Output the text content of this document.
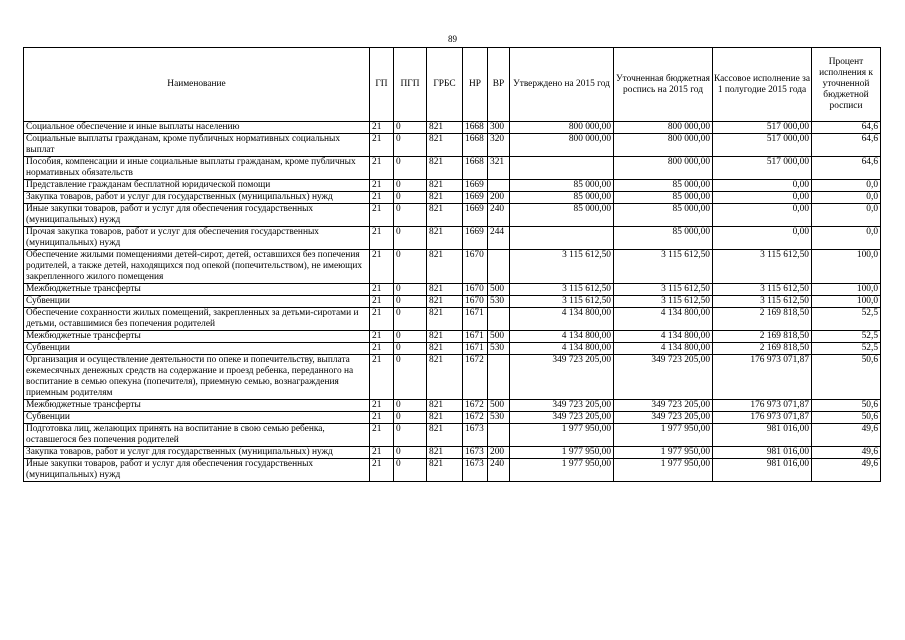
89
Наименование	ГП	ПГП	ГРБС	НР	ВР	Утверждено на 2015 год	Уточненная бюджетная роспись на 2015 год	Кассовое исполнение за 1 полугодие 2015 года	Процент исполнения к уточненной бюджетной росписи
Социальное обеспечение и иные выплаты населению	21	0	821	1668	300	800 000,00	800 000,00	517 000,00	64,6
Социальные выплаты гражданам, кроме публичных нормативных социальных выплат	21	0	821	1668	320	800 000,00	800 000,00	517 000,00	64,6
Пособия, компенсации и иные социальные выплаты гражданам, кроме публичных нормативных обязательств	21	0	821	1668	321		800 000,00	517 000,00	64,6
Представление гражданам бесплатной юридической помощи	21	0	821	1669		85 000,00	85 000,00	0,00	0,0
Закупка товаров, работ и услуг для государственных (муниципальных) нужд	21	0	821	1669	200	85 000,00	85 000,00	0,00	0,0
Иные закупки товаров, работ и услуг для обеспечения государственных (муниципальных) нужд	21	0	821	1669	240	85 000,00	85 000,00	0,00	0,0
Прочая закупка товаров, работ и услуг для обеспечения государственных (муниципальных) нужд	21	0	821	1669	244		85 000,00	0,00	0,0
Обеспечение жилыми помещениями детей-сирот, детей, оставшихся без попечения родителей, а также детей, находящихся под опекой (попечительством), не имеющих закрепленного жилого помещения	21	0	821	1670		3 115 612,50	3 115 612,50	3 115 612,50	100,0
Межбюджетные трансферты	21	0	821	1670	500	3 115 612,50	3 115 612,50	3 115 612,50	100,0
Субвенции	21	0	821	1670	530	3 115 612,50	3 115 612,50	3 115 612,50	100,0
Обеспечение сохранности жилых помещений, закрепленных за детьми-сиротами и детьми, оставшимися без попечения родителей	21	0	821	1671		4 134 800,00	4 134 800,00	2 169 818,50	52,5
Межбюджетные трансферты	21	0	821	1671	500	4 134 800,00	4 134 800,00	2 169 818,50	52,5
Субвенции	21	0	821	1671	530	4 134 800,00	4 134 800,00	2 169 818,50	52,5
Организация и осуществление деятельности по опеке и попечительству, выплата ежемесячных денежных средств на содержание и проезд ребенка, переданного на воспитание в семью опекуна (попечителя), приемную семью, вознаграждения приемным родителям	21	0	821	1672		349 723 205,00	349 723 205,00	176 973 071,87	50,6
Межбюджетные трансферты	21	0	821	1672	500	349 723 205,00	349 723 205,00	176 973 071,87	50,6
Субвенции	21	0	821	1672	530	349 723 205,00	349 723 205,00	176 973 071,87	50,6
Подготовка лиц, желающих принять на воспитание в свою семью ребенка, оставшегося без попечения родителей	21	0	821	1673		1 977 950,00	1 977 950,00	981 016,00	49,6
Закупка товаров, работ и услуг для государственных (муниципальных) нужд	21	0	821	1673	200	1 977 950,00	1 977 950,00	981 016,00	49,6
Иные закупки товаров, работ и услуг для обеспечения государственных (муниципальных) нужд	21	0	821	1673	240	1 977 950,00	1 977 950,00	981 016,00	49,6
